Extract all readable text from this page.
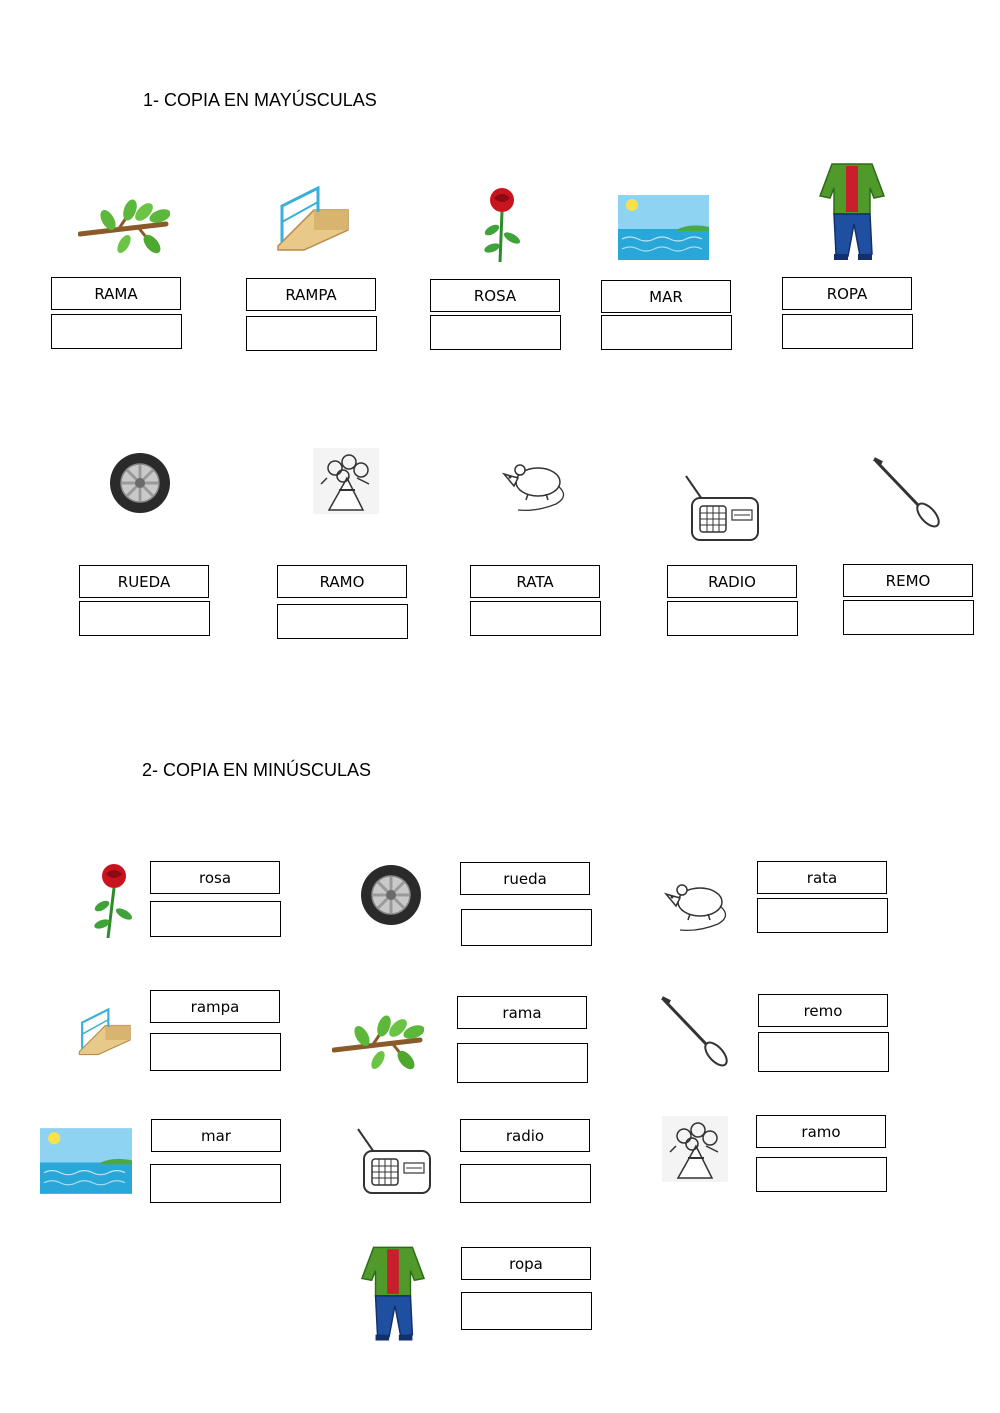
1- COPIA EN MAYÚSCULAS
RAMA	RAMPA	ROSA	MAR	ROPA
RUEDA	RAMO	RATA	RADIO	REMO
2- COPIA EN MINÚSCULAS
rosa	rueda	rata
rampa	rama	remo
mar	radio	ramo
ropa
